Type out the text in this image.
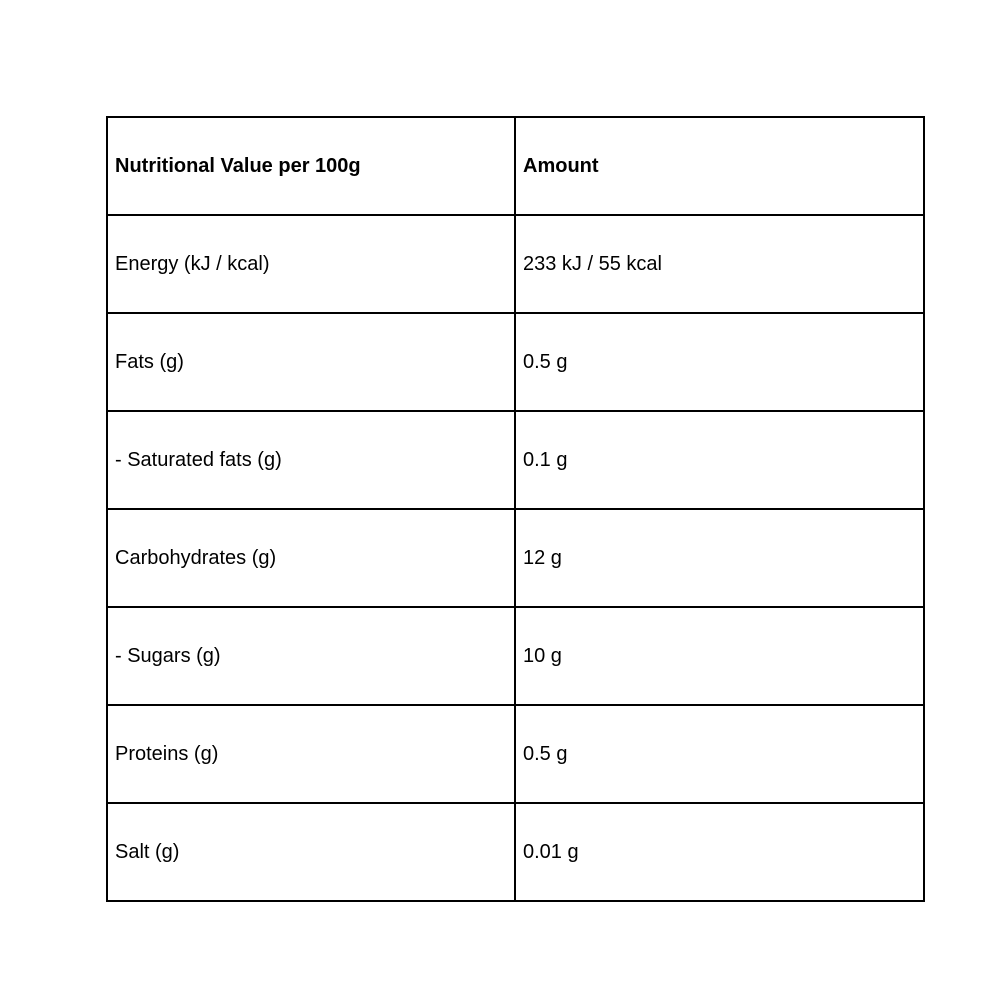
Nutritional Value per 100g	Amount
Energy (kJ / kcal)	233 kJ / 55 kcal
Fats (g)	0.5 g
- Saturated fats (g)	0.1 g
Carbohydrates (g)	12 g
- Sugars (g)	10 g
Proteins (g)	0.5 g
Salt (g)	0.01 g
